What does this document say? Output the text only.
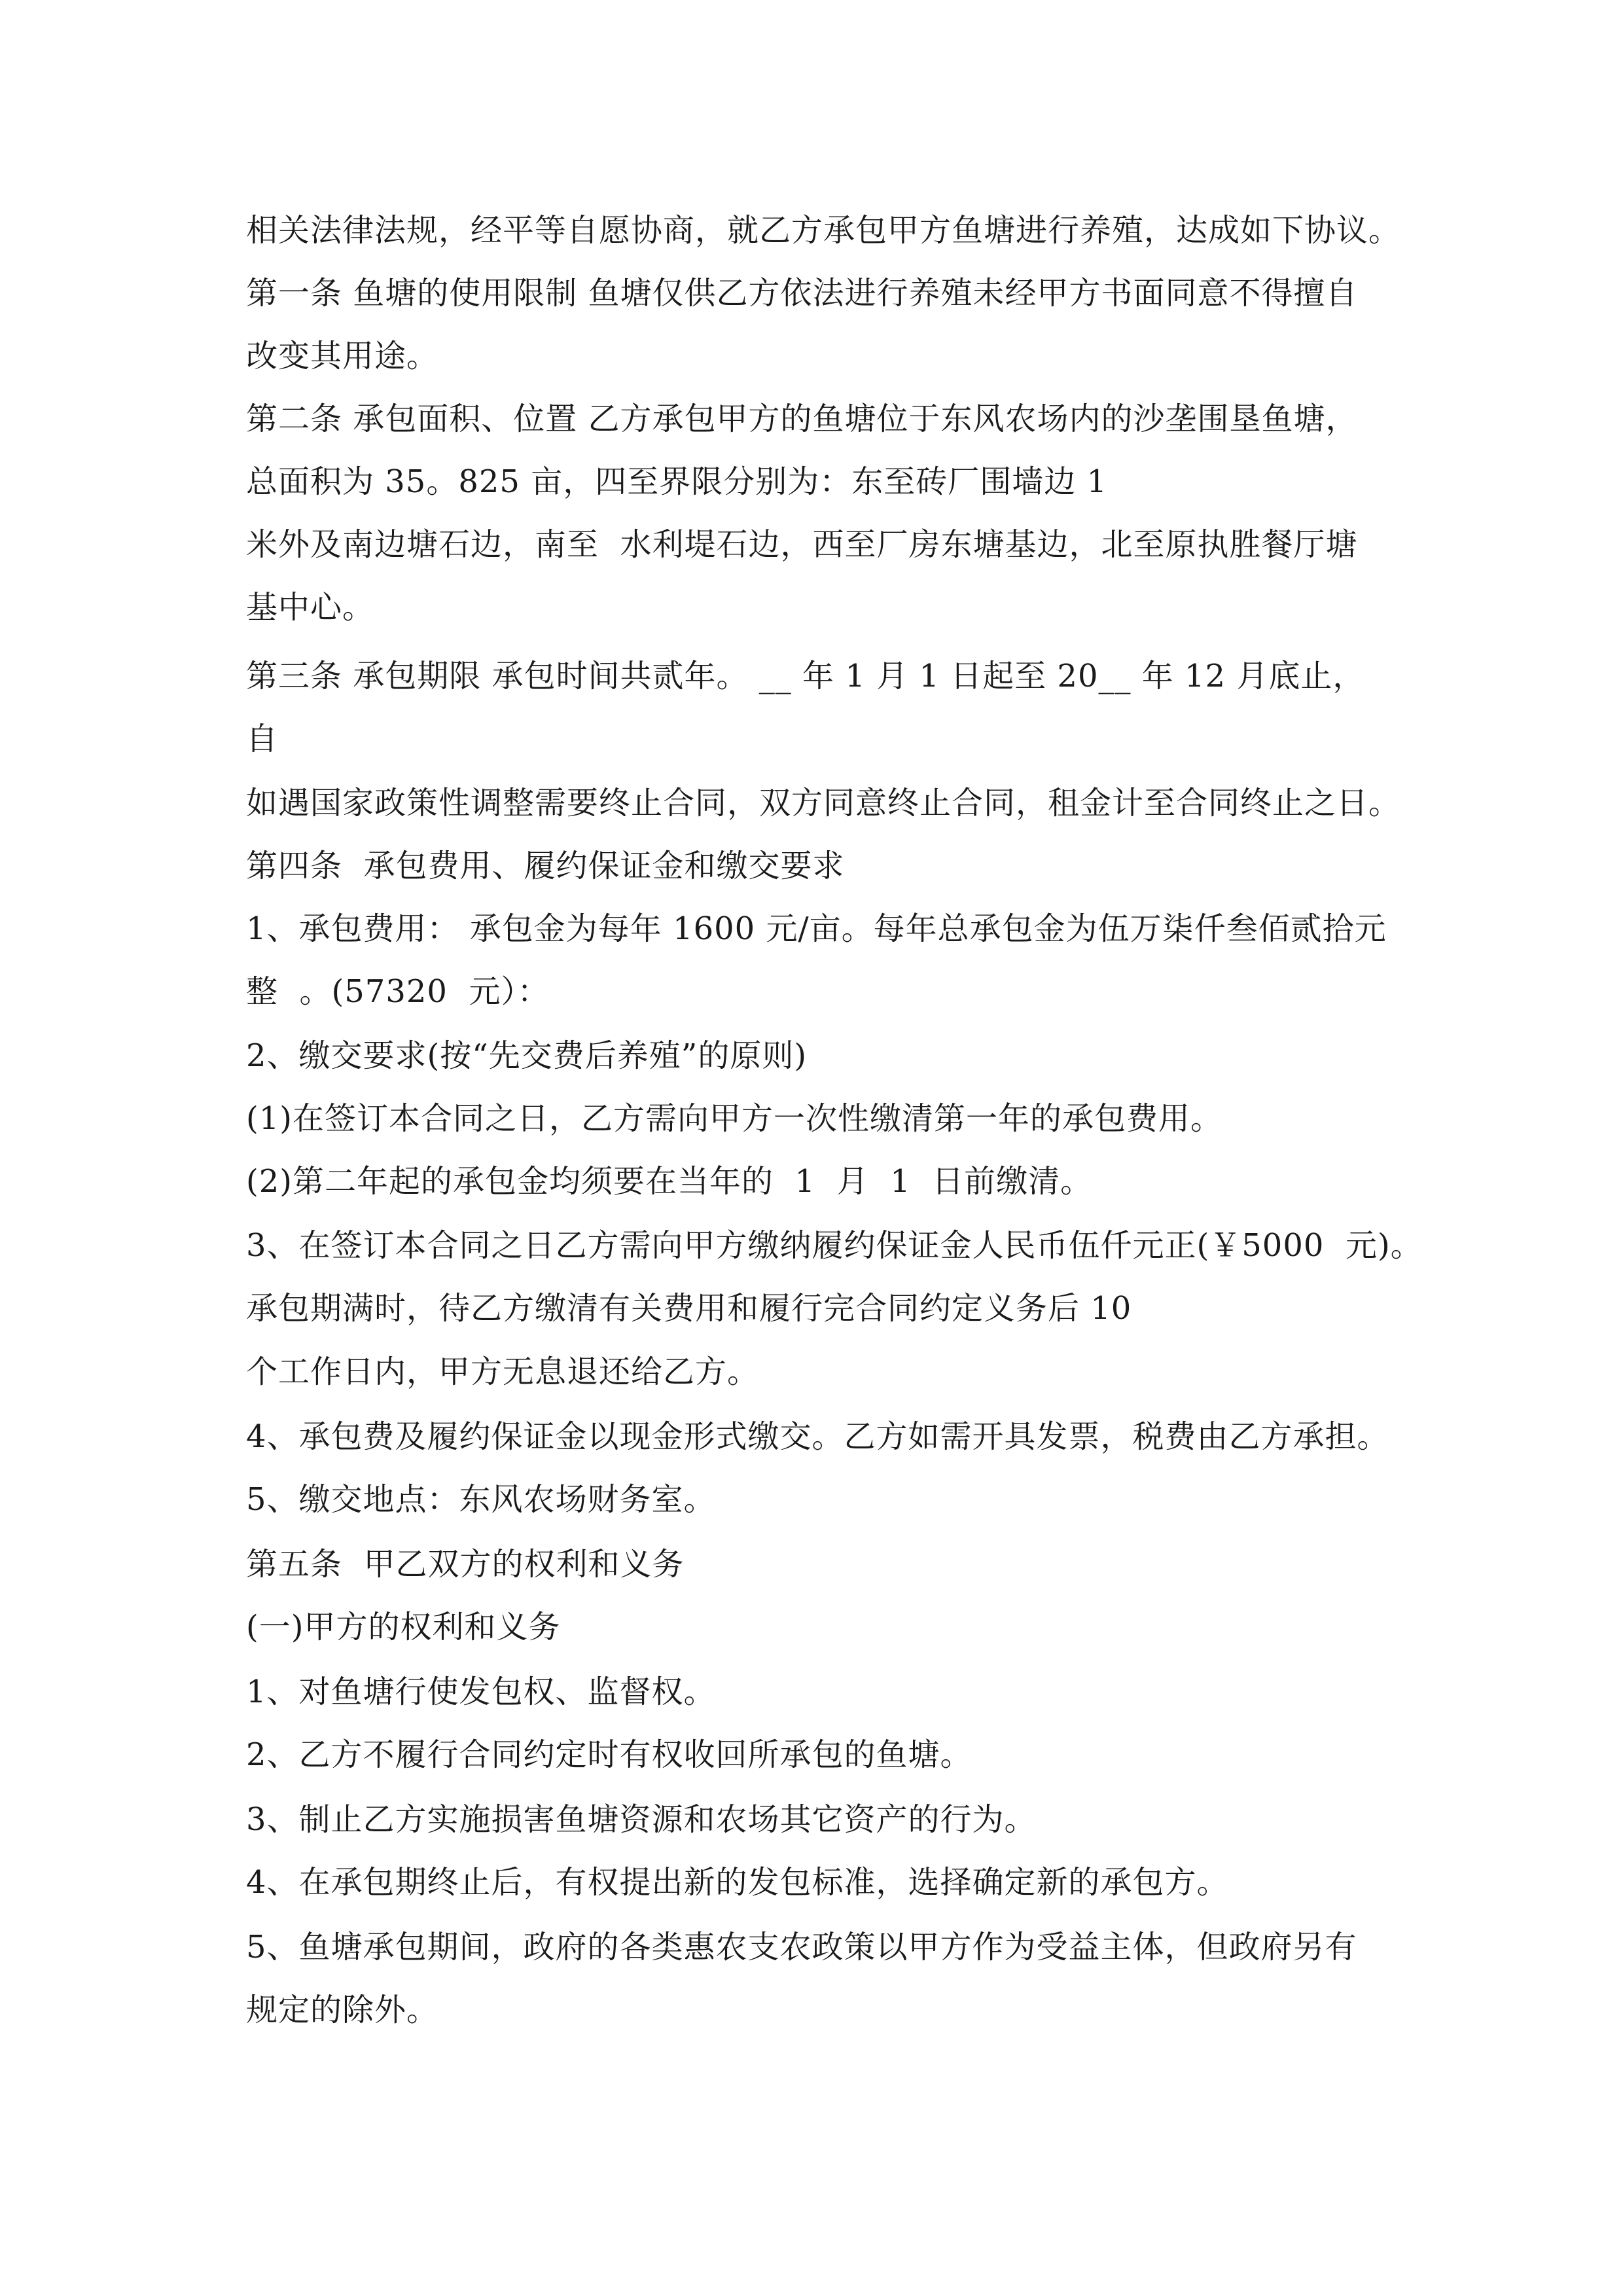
相关法律法规，经平等自愿协商，就乙方承包甲方鱼塘进行养殖，达成如下协议。
第一条 鱼塘的使用限制 鱼塘仅供乙方依法进行养殖未经甲方书面同意不得擅自
改变其用途。
第二条 承包面积、位置 乙方承包甲方的鱼塘位于东风农场内的沙垄围垦鱼塘，
总面积为 35。825 亩，四至界限分别为：东至砖厂围墙边 1
米外及南边塘石边，南至  水利堤石边，西至厂房东塘基边，北至原执胜餐厅塘
基中心。
第三条 承包期限 承包时间共贰年。 __ 年 1 月 1 日起至 20__ 年 12 月底止，
自
如遇国家政策性调整需要终止合同，双方同意终止合同，租金计至合同终止之日。
第四条  承包费用、履约保证金和缴交要求
1、承包费用： 承包金为每年 1600 元/亩。每年总承包金为伍万柒仟叁佰贰拾元
整  。(57320  元）：
2、缴交要求(按“先交费后养殖”的原则)
(1)在签订本合同之日，乙方需向甲方一次性缴清第一年的承包费用。
(2)第二年起的承包金均须要在当年的  1  月  1  日前缴清。
3、在签订本合同之日乙方需向甲方缴纳履约保证金人民币伍仟元正(￥5000  元)。
承包期满时，待乙方缴清有关费用和履行完合同约定义务后 10
个工作日内，甲方无息退还给乙方。
4、承包费及履约保证金以现金形式缴交。乙方如需开具发票，税费由乙方承担。
5、缴交地点：东风农场财务室。
第五条  甲乙双方的权利和义务
(一)甲方的权利和义务
1、对鱼塘行使发包权、监督权。
2、乙方不履行合同约定时有权收回所承包的鱼塘。
3、制止乙方实施损害鱼塘资源和农场其它资产的行为。
4、在承包期终止后，有权提出新的发包标准，选择确定新的承包方。
5、鱼塘承包期间，政府的各类惠农支农政策以甲方作为受益主体，但政府另有
规定的除外。
